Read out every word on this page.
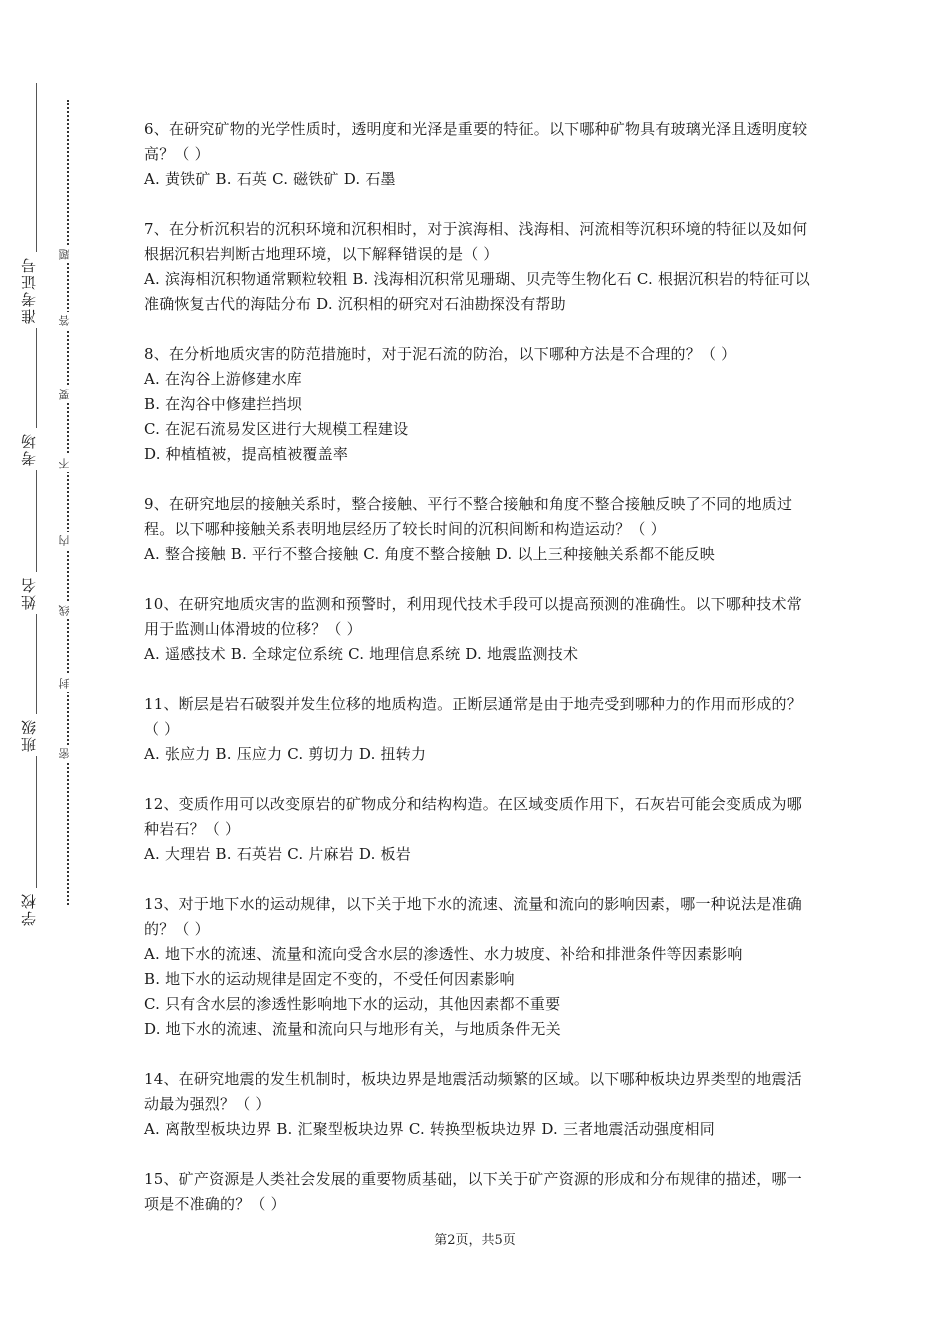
准考证号
考场
姓名
班级
学校
题
答
要
不
内
线
封
密

6、在研究矿物的光学性质时，透明度和光泽是重要的特征。以下哪种矿物具有玻璃光泽且透明度较高？（ ）

A. 黄铁矿 B. 石英 C. 磁铁矿 D. 石墨

7、在分析沉积岩的沉积环境和沉积相时，对于滨海相、浅海相、河流相等沉积环境的特征以及如何根据沉积岩判断古地理环境，以下解释错误的是（ ）

A. 滨海相沉积物通常颗粒较粗 B. 浅海相沉积常见珊瑚、贝壳等生物化石 C. 根据沉积岩的特征可以准确恢复古代的海陆分布 D. 沉积相的研究对石油勘探没有帮助

8、在分析地质灾害的防范措施时，对于泥石流的防治，以下哪种方法是不合理的？（ ）

A. 在沟谷上游修建水库

B. 在沟谷中修建拦挡坝

C. 在泥石流易发区进行大规模工程建设

D. 种植植被，提高植被覆盖率

9、在研究地层的接触关系时，整合接触、平行不整合接触和角度不整合接触反映了不同的地质过程。以下哪种接触关系表明地层经历了较长时间的沉积间断和构造运动？（ ）

A. 整合接触 B. 平行不整合接触 C. 角度不整合接触 D. 以上三种接触关系都不能反映

10、在研究地质灾害的监测和预警时，利用现代技术手段可以提高预测的准确性。以下哪种技术常用于监测山体滑坡的位移？（ ）

A. 遥感技术 B. 全球定位系统 C. 地理信息系统 D. 地震监测技术

11、断层是岩石破裂并发生位移的地质构造。正断层通常是由于地壳受到哪种力的作用而形成的？（ ）

A. 张应力 B. 压应力 C. 剪切力 D. 扭转力

12、变质作用可以改变原岩的矿物成分和结构构造。在区域变质作用下，石灰岩可能会变质成为哪种岩石？（ ）

A. 大理岩 B. 石英岩 C. 片麻岩 D. 板岩

13、对于地下水的运动规律，以下关于地下水的流速、流量和流向的影响因素，哪一种说法是准确的？（ ）

A. 地下水的流速、流量和流向受含水层的渗透性、水力坡度、补给和排泄条件等因素影响

B. 地下水的运动规律是固定不变的，不受任何因素影响

C. 只有含水层的渗透性影响地下水的运动，其他因素都不重要

D. 地下水的流速、流量和流向只与地形有关，与地质条件无关

14、在研究地震的发生机制时，板块边界是地震活动频繁的区域。以下哪种板块边界类型的地震活动最为强烈？（ ）

A. 离散型板块边界 B. 汇聚型板块边界 C. 转换型板块边界 D. 三者地震活动强度相同

15、矿产资源是人类社会发展的重要物质基础，以下关于矿产资源的形成和分布规律的描述，哪一项是不准确的？（ ）

第2页，共5页
